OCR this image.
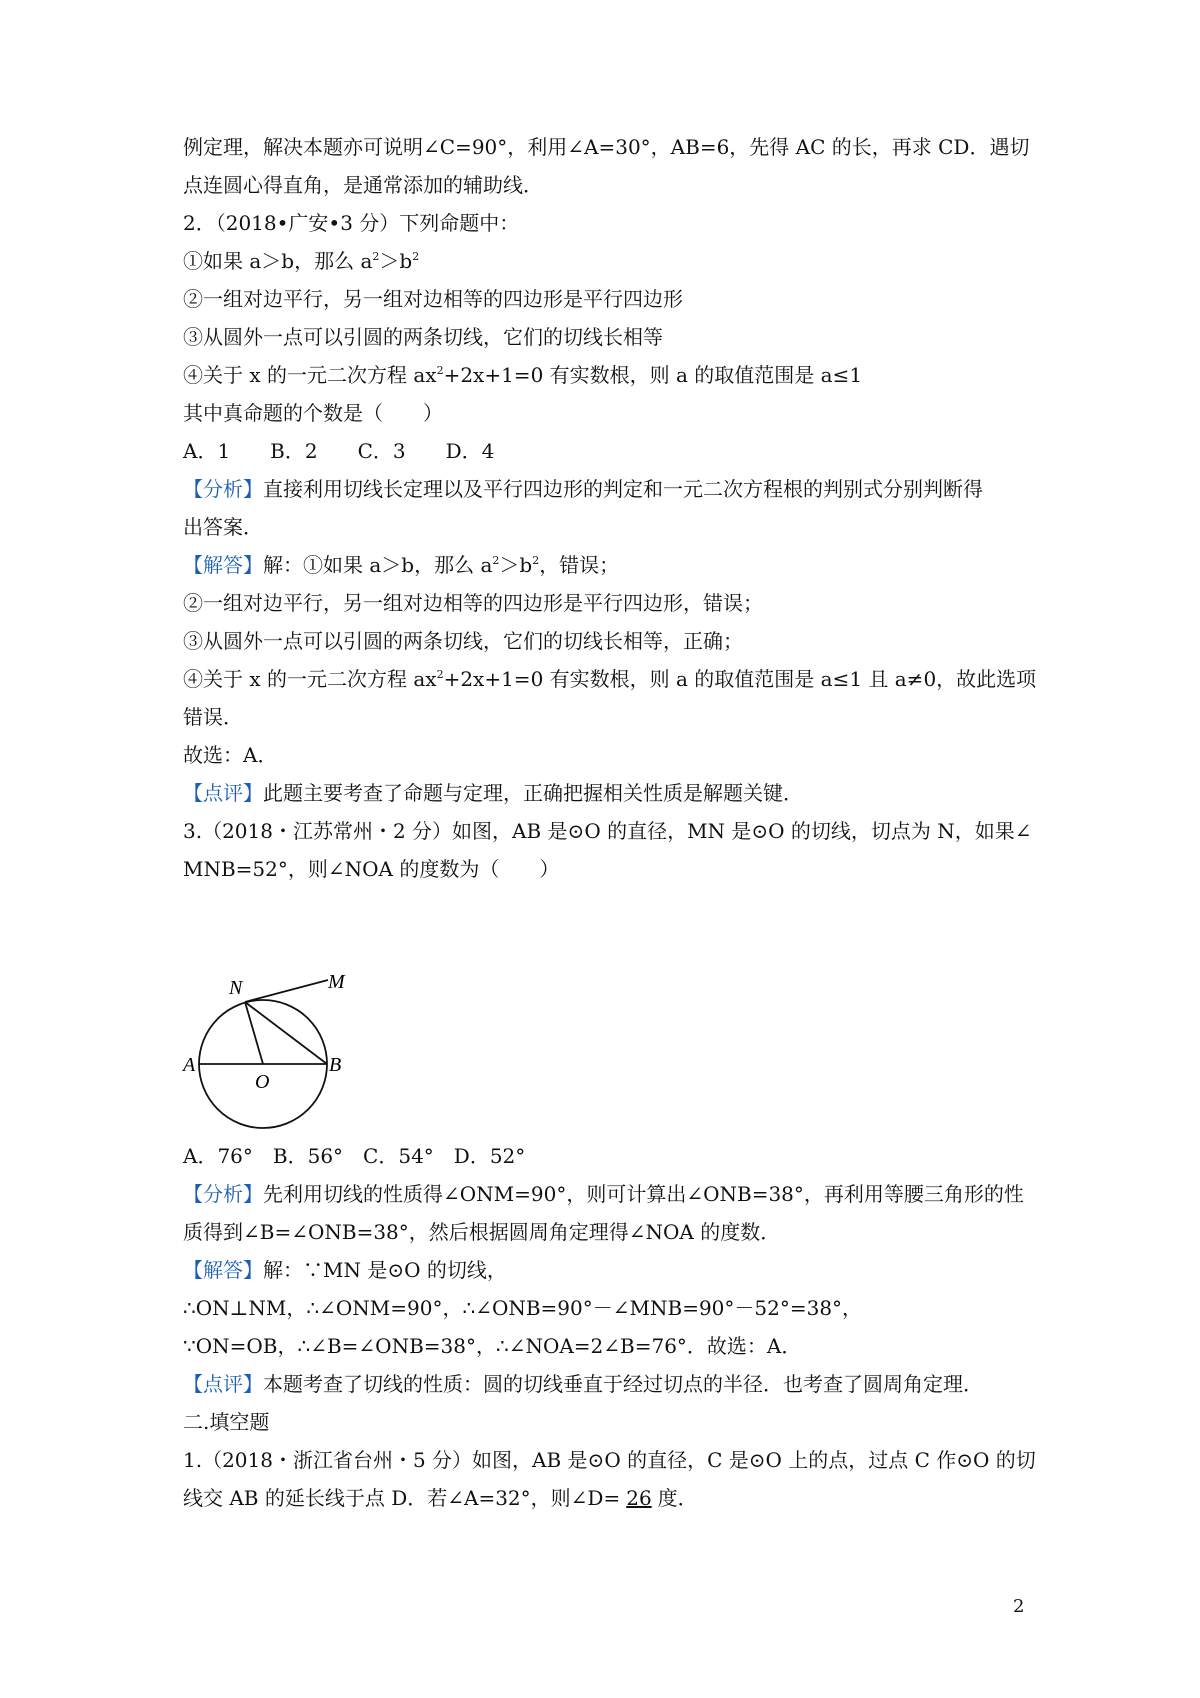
例定理，解决本题亦可说明∠C=90°，利用∠A=30°，AB=6，先得 AC 的长，再求 CD．遇切
点连圆心得直角，是通常添加的辅助线．
2．（2018•广安•3 分）下列命题中：
①如果 a＞b，那么 $a^2>b^2$
②一组对边平行，另一组对边相等的四边形是平行四边形
③从圆外一点可以引圆的两条切线，它们的切线长相等
④关于 x 的一元二次方程 $ax^2+2x+1=0$ 有实数根，则 a 的取值范围是 a≤1
其中真命题的个数是（　　）
A．1　　B．2　　C．3　　D．4
【分析】直接利用切线长定理以及平行四边形的判定和一元二次方程根的判别式分别判断得
出答案．
【解答】解：①如果 a＞b，那么 $a^2>b^2$，错误；
②一组对边平行，另一组对边相等的四边形是平行四边形，错误；
③从圆外一点可以引圆的两条切线，它们的切线长相等，正确；
④关于 x 的一元二次方程 $ax^2+2x+1=0$ 有实数根，则 a 的取值范围是 a≤1 且 a≠0，故此选项
错误．
故选：A．
【点评】此题主要考查了命题与定理，正确把握相关性质是解题关键．
3.（2018・江苏常州・2 分）如图，AB 是⊙O 的直径，MN 是⊙O 的切线，切点为 N，如果∠
MNB=52°，则∠NOA 的度数为（　　）
N	M
A	B
O
A．76°　B．56°　C．54°　D．52°
【分析】先利用切线的性质得∠ONM=90°，则可计算出∠ONB=38°，再利用等腰三角形的性
质得到∠B=∠ONB=38°，然后根据圆周角定理得∠NOA 的度数．
【解答】解：∵MN 是⊙O 的切线，
∴ON⊥NM，∴∠ONM=90°，∴∠ONB=90°－∠MNB=90°－52°=38°，
∵ON=OB，∴∠B=∠ONB=38°，∴∠NOA=2∠B=76°．故选：A．
【点评】本题考查了切线的性质：圆的切线垂直于经过切点的半径．也考查了圆周角定理．
二.填空题
1.（2018・浙江省台州・5 分）如图，AB 是⊙O 的直径，C 是⊙O 上的点，过点 C 作⊙O 的切
线交 AB 的延长线于点 D．若∠A=32°，则∠D= 26 度．
2
